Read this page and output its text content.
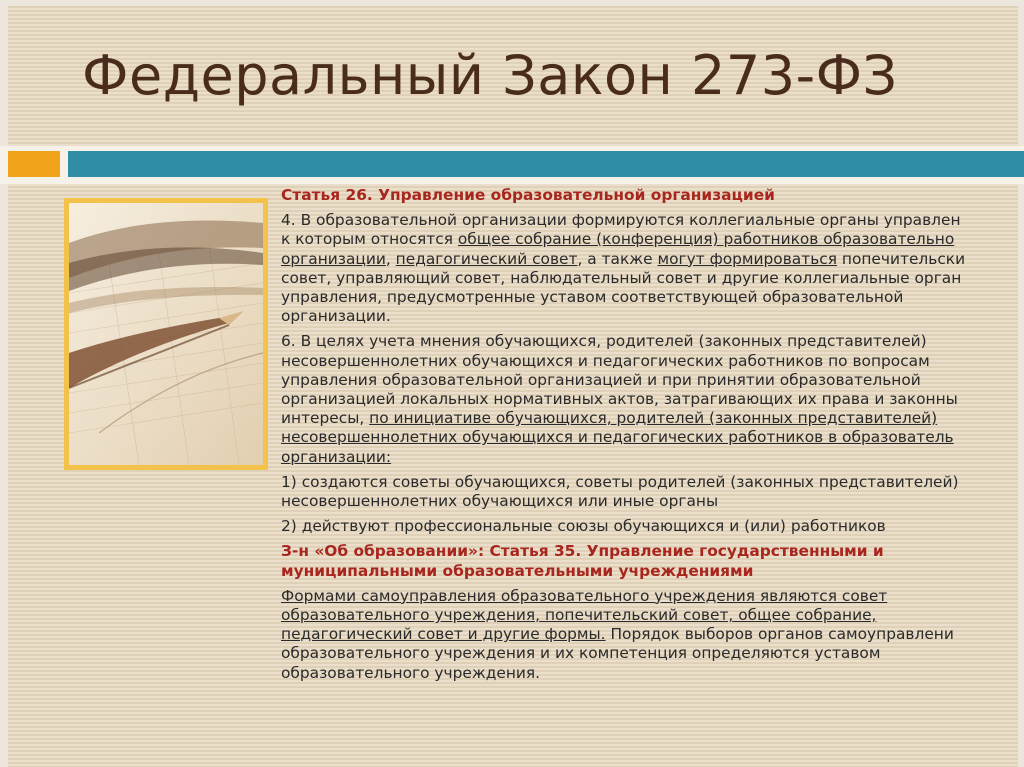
Федеральный Закон 273-ФЗ

Статья 26. Управление образовательной организацией

4. В образовательной организации формируются коллегиальные органы управлен

к которым относятся общее собрание (конференция) работников образовательно

организации, педагогический совет, а также могут формироваться попечительски

совет, управляющий совет, наблюдательный совет и другие коллегиальные орган

управления, предусмотренные уставом соответствующей образовательной

организации.

6. В целях учета мнения обучающихся, родителей (законных представителей)

несовершеннолетних обучающихся и педагогических работников по вопросам

управления образовательной организацией и при принятии образовательной

организацией локальных нормативных актов, затрагивающих их права и законны

интересы, по инициативе обучающихся, родителей (законных представителей)

несовершеннолетних обучающихся и педагогических работников в образователь

организации:

1) создаются советы обучающихся, советы родителей (законных представителей)

несовершеннолетних обучающихся или иные органы

2) действуют профессиональные союзы обучающихся и (или) работников

З-н «Об образовании»: Статья 35. Управление государственными и

муниципальными образовательными учреждениями

Формами самоуправления образовательного учреждения являются совет

образовательного учреждения, попечительский совет, общее собрание,

педагогический совет и другие формы. Порядок выборов органов самоуправлени

образовательного учреждения и их компетенция определяются уставом

образовательного учреждения.
